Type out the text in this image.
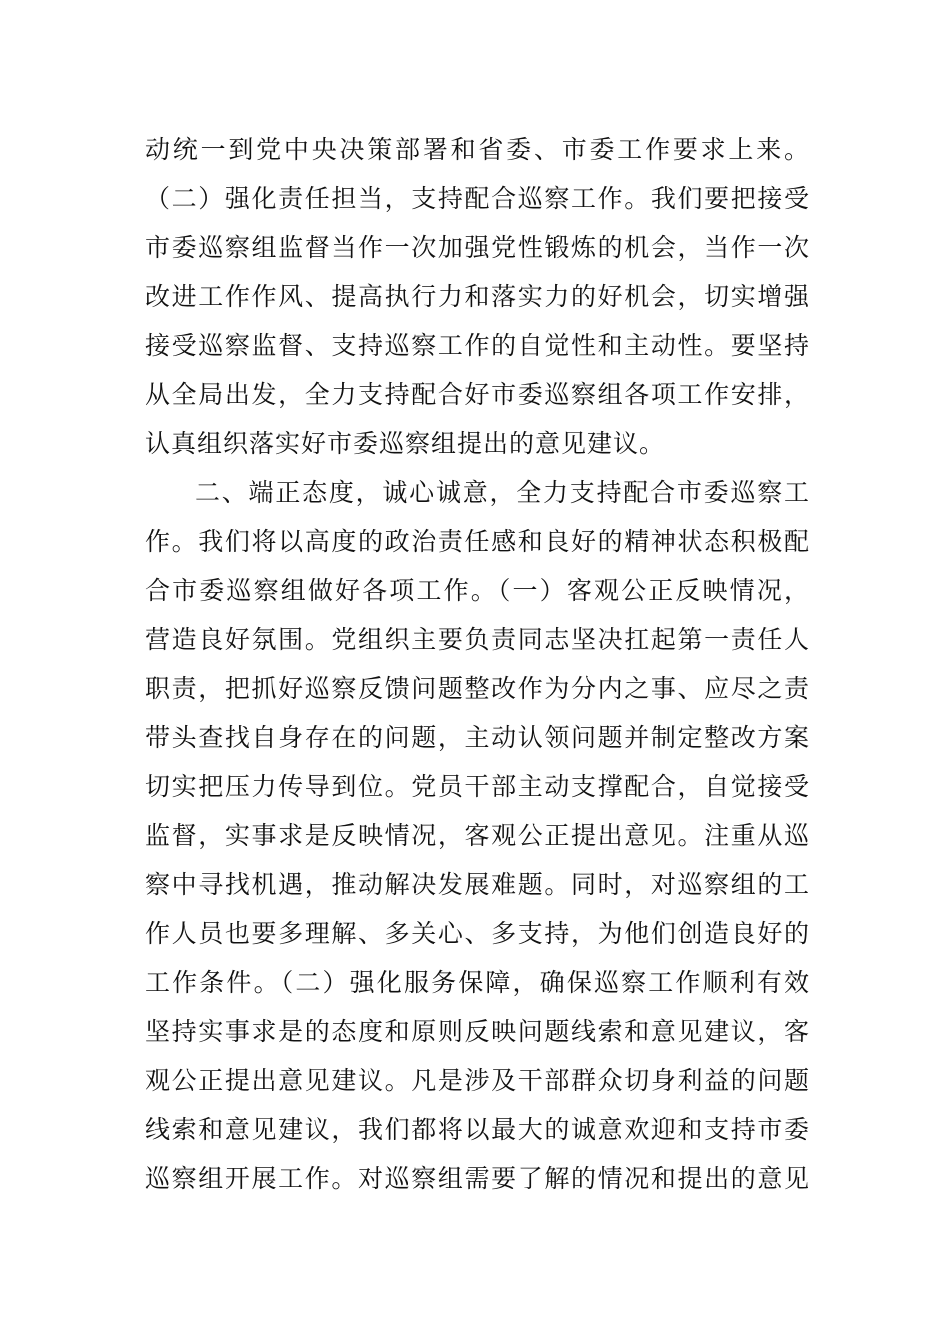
动统一到党中央决策部署和省委、市委工作要求上来。
（二）强化责任担当，支持配合巡察工作。我们要把接受
市委巡察组监督当作一次加强党性锻炼的机会，当作一次
改进工作作风、提高执行力和落实力的好机会，切实增强
接受巡察监督、支持巡察工作的自觉性和主动性。要坚持
从全局出发，全力支持配合好市委巡察组各项工作安排，
认真组织落实好市委巡察组提出的意见建议。
二、端正态度，诚心诚意，全力支持配合市委巡察工
作。我们将以高度的政治责任感和良好的精神状态积极配
合市委巡察组做好各项工作。（一）客观公正反映情况，
营造良好氛围。党组织主要负责同志坚决扛起第一责任人
职责，把抓好巡察反馈问题整改作为分内之事、应尽之责
带头查找自身存在的问题，主动认领问题并制定整改方案
切实把压力传导到位。党员干部主动支撑配合，自觉接受
监督，实事求是反映情况，客观公正提出意见。注重从巡
察中寻找机遇，推动解决发展难题。同时，对巡察组的工
作人员也要多理解、多关心、多支持，为他们创造良好的
工作条件。（二）强化服务保障，确保巡察工作顺利有效
坚持实事求是的态度和原则反映问题线索和意见建议，客
观公正提出意见建议。凡是涉及干部群众切身利益的问题
线索和意见建议，我们都将以最大的诚意欢迎和支持市委
巡察组开展工作。对巡察组需要了解的情况和提出的意见
